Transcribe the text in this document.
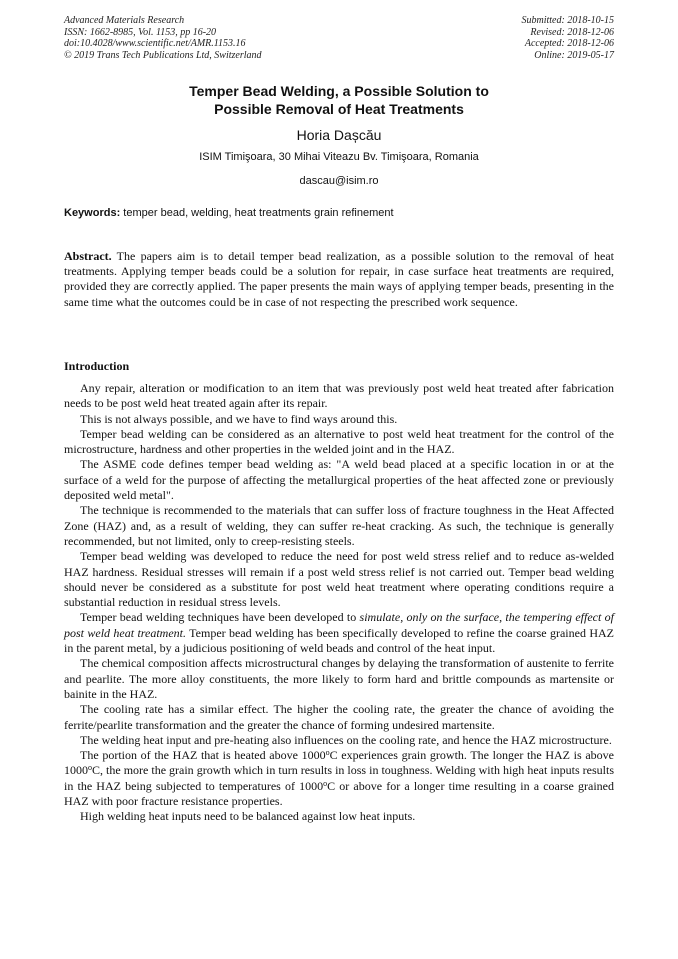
Advanced Materials Research
ISSN: 1662-8985, Vol. 1153, pp 16-20
doi:10.4028/www.scientific.net/AMR.1153.16
© 2019 Trans Tech Publications Ltd, Switzerland
Submitted: 2018-10-15
Revised: 2018-12-06
Accepted: 2018-12-06
Online: 2019-05-17
Temper Bead Welding, a Possible Solution to
Possible Removal of Heat Treatments
Horia Dașcău
ISIM Timişoara, 30 Mihai Viteazu Bv. Timişoara, Romania
dascau@isim.ro
Keywords: temper bead, welding, heat treatments grain refinement

Abstract. The papers aim is to detail temper bead realization, as a possible solution to the removal of heat treatments. Applying temper beads could be a solution for repair, in case surface heat treatments are required, provided they are correctly applied. The paper presents the main ways of applying temper beads, presenting in the same time what the outcomes could be in case of not respecting the prescribed work sequence.

Introduction

Any repair, alteration or modification to an item that was previously post weld heat treated after fabrication needs to be post weld heat treated again after its repair.

This is not always possible, and we have to find ways around this.

Temper bead welding can be considered as an alternative to post weld heat treatment for the control of the microstructure, hardness and other properties in the welded joint and in the HAZ.

The ASME code defines temper bead welding as: "A weld bead placed at a specific location in or at the surface of a weld for the purpose of affecting the metallurgical properties of the heat affected zone or previously deposited weld metal".

The technique is recommended to the materials that can suffer loss of fracture toughness in the Heat Affected Zone (HAZ) and, as a result of welding, they can suffer re-heat cracking. As such, the technique is generally recommended, but not limited, only to creep-resisting steels.

Temper bead welding was developed to reduce the need for post weld stress relief and to reduce as-welded HAZ hardness. Residual stresses will remain if a post weld stress relief is not carried out. Temper bead welding should never be considered as a substitute for post weld heat treatment where operating conditions require a substantial reduction in residual stress levels.

Temper bead welding techniques have been developed to simulate, only on the surface, the tempering effect of post weld heat treatment. Temper bead welding has been specifically developed to refine the coarse grained HAZ in the parent metal, by a judicious positioning of weld beads and control of the heat input.

The chemical composition affects microstructural changes by delaying the transformation of austenite to ferrite and pearlite. The more alloy constituents, the more likely to form hard and brittle compounds as martensite or bainite in the HAZ.

The cooling rate has a similar effect. The higher the cooling rate, the greater the chance of avoiding the ferrite/pearlite transformation and the greater the chance of forming undesired martensite.

The welding heat input and pre-heating also influences on the cooling rate, and hence the HAZ microstructure.

The portion of the HAZ that is heated above 1000$^o$C experiences grain growth. The longer the HAZ is above 1000$^o$C, the more the grain growth which in turn results in loss in toughness. Welding with high heat inputs results in the HAZ being subjected to temperatures of 1000$^o$C or above for a longer time resulting in a coarse grained HAZ with poor fracture resistance properties.

High welding heat inputs need to be balanced against low heat inputs.
